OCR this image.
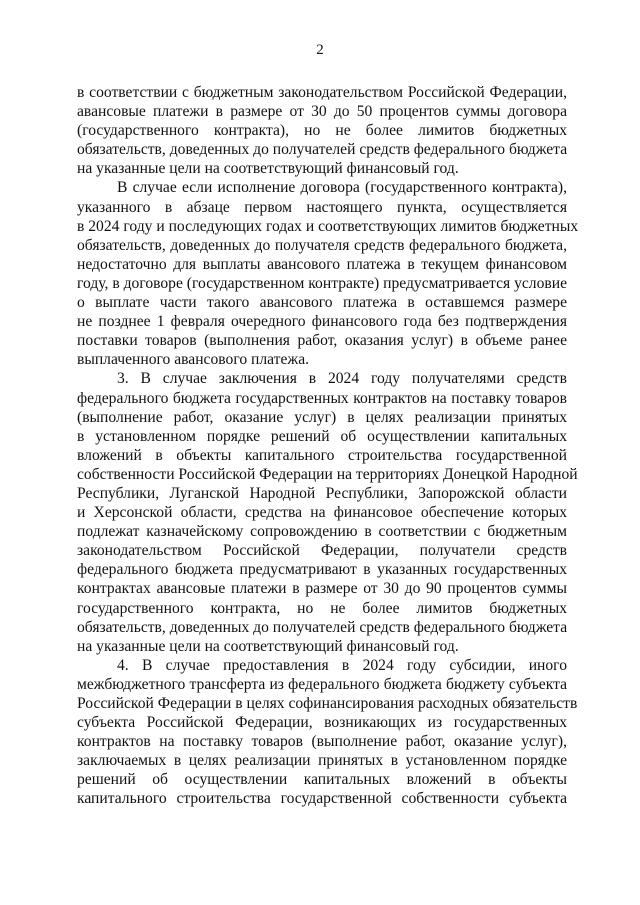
2
в соответствии с бюджетным законодательством Российской Федерации,
авансовые платежи в размере от 30 до 50 процентов суммы договора
(государственного контракта), но не более лимитов бюджетных
обязательств, доведенных до получателей средств федерального бюджета
на указанные цели на соответствующий финансовый год.
В случае если исполнение договора (государственного контракта),
указанного в абзаце первом настоящего пункта, осуществляется
в 2024 году и последующих годах и соответствующих лимитов бюджетных
обязательств, доведенных до получателя средств федерального бюджета,
недостаточно для выплаты авансового платежа в текущем финансовом
году, в договоре (государственном контракте) предусматривается условие
о выплате части такого авансового платежа в оставшемся размере
не позднее 1 февраля очередного финансового года без подтверждения
поставки товаров (выполнения работ, оказания услуг) в объеме ранее
выплаченного авансового платежа.
3. В случае заключения в 2024 году получателями средств
федерального бюджета государственных контрактов на поставку товаров
(выполнение работ, оказание услуг) в целях реализации принятых
в установленном порядке решений об осуществлении капитальных
вложений в объекты капитального строительства государственной
собственности Российской Федерации на территориях Донецкой Народной
Республики, Луганской Народной Республики, Запорожской области
и Херсонской области, средства на финансовое обеспечение которых
подлежат казначейскому сопровождению в соответствии с бюджетным
законодательством Российской Федерации, получатели средств
федерального бюджета предусматривают в указанных государственных
контрактах авансовые платежи в размере от 30 до 90 процентов суммы
государственного контракта, но не более лимитов бюджетных
обязательств, доведенных до получателей средств федерального бюджета
на указанные цели на соответствующий финансовый год.
4. В случае предоставления в 2024 году субсидии, иного
межбюджетного трансферта из федерального бюджета бюджету субъекта
Российской Федерации в целях софинансирования расходных обязательств
субъекта Российской Федерации, возникающих из государственных
контрактов на поставку товаров (выполнение работ, оказание услуг),
заключаемых в целях реализации принятых в установленном порядке
решений об осуществлении капитальных вложений в объекты
капитального строительства государственной собственности субъекта
